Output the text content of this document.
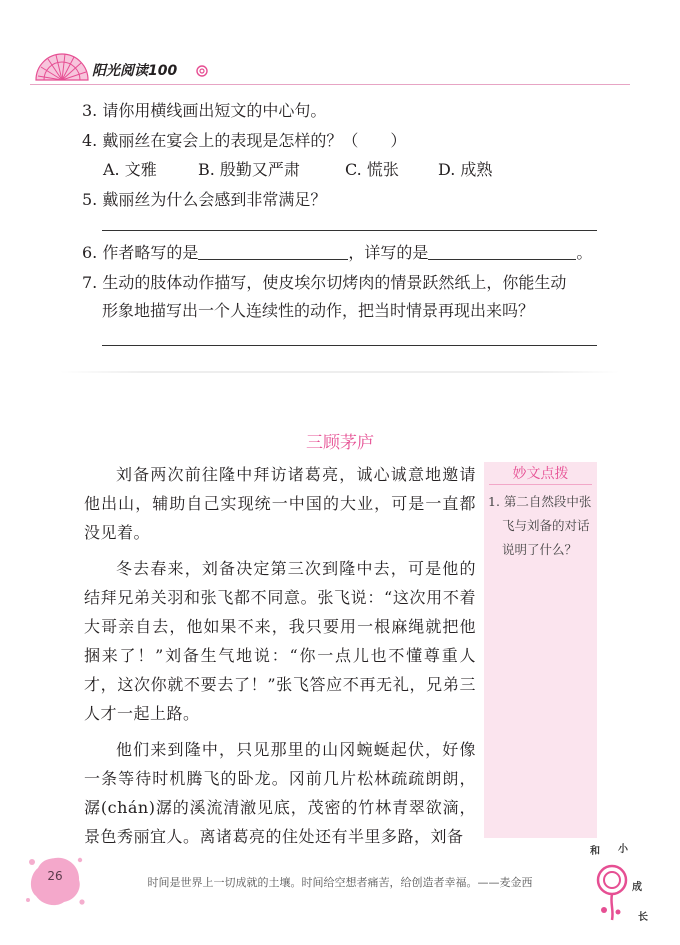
阳光阅读100
3. 请你用横线画出短文的中心句。
4. 戴丽丝在宴会上的表现是怎样的？（　　）
A. 文雅	B. 殷勤又严肃	C. 慌张 D. 成熟
5. 戴丽丝为什么会感到非常满足？
6. 作者略写的是	，详写的是	。
7. 生动的肢体动作描写，使皮埃尔切烤肉的情景跃然纸上，你能生动
形象地描写出一个人连续性的动作，把当时情景再现出来吗？
三顾茅庐

刘备两次前往隆中拜访诸葛亮，诚心诚意地邀请他出山，辅助自己实现统一中国的大业，可是一直都没见着。

冬去春来，刘备决定第三次到隆中去，可是他的结拜兄弟关羽和张飞都不同意。张飞说：“这次用不着大哥亲自去，他如果不来，我只要用一根麻绳就把他捆来了！”刘备生气地说：“你一点儿也不懂尊重人才，这次你就不要去了！”张飞答应不再无礼，兄弟三人才一起上路。

他们来到隆中，只见那里的山冈蜿蜒起伏，好像一条等待时机腾飞的卧龙。冈前几片松林疏疏朗朗，潺(chán)潺的溪流清澈见底，茂密的竹林青翠欲滴，景色秀丽宜人。离诸葛亮的住处还有半里多路，刘备

妙文点拨
1. 第二自然段中张飞与刘备的对话说明了什么？
26	时间是世界上一切成就的土壤。时间给空想者痛苦，给创造者幸福。——麦金西
和 小
成
长
